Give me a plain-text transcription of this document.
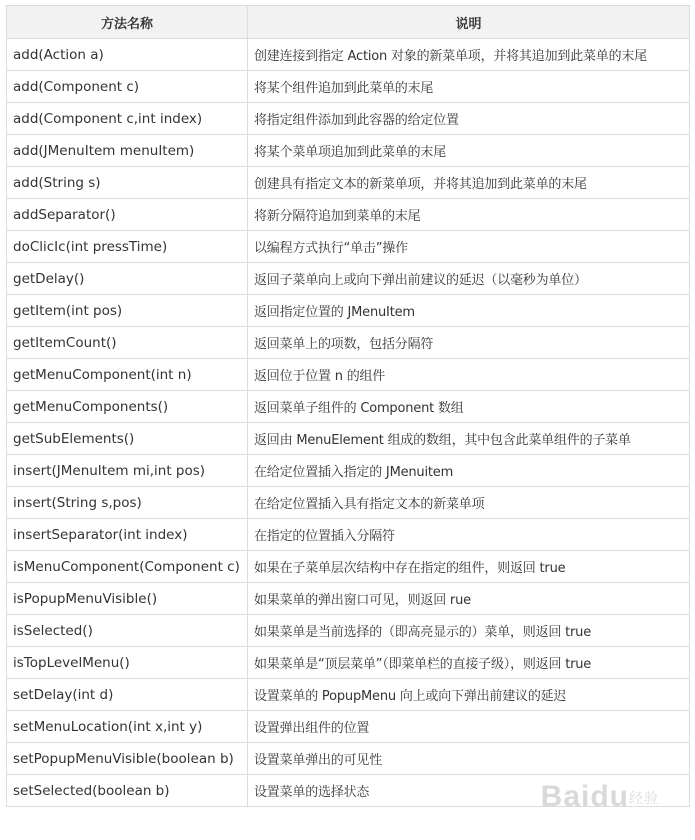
方法名称	说明
add(Action a)	创建连接到指定 Action 对象的新菜单项，并将其追加到此菜单的末尾
add(Component c)	将某个组件追加到此菜单的末尾
add(Component c,int index)	将指定组件添加到此容器的给定位置
add(JMenuItem menuItem)	将某个菜单项追加到此菜单的末尾
add(String s)	创建具有指定文本的新菜单项，并将其追加到此菜单的末尾
addSeparator()	将新分隔符追加到菜单的末尾
doClicIc(int pressTime)	以编程方式执行“单击”操作
getDelay()	返回子菜单向上或向下弹出前建议的延迟（以毫秒为单位）
getItem(int pos)	返回指定位置的 JMenuItem
getItemCount()	返回菜单上的项数，包括分隔符
getMenuComponent(int n)	返回位于位置 n 的组件
getMenuComponents()	返回菜单子组件的 Component 数组
getSubElements()	返回由 MenuElement 组成的数组，其中包含此菜单组件的子菜单
insert(JMenuItem mi,int pos)	在给定位置插入指定的 JMenuitem
insert(String s,pos)	在给定位置插入具有指定文本的新菜单项
insertSeparator(int index)	在指定的位置插入分隔符
isMenuComponent(Component c)	如果在子菜单层次结构中存在指定的组件，则返回 true
isPopupMenuVisible()	如果菜单的弹出窗口可见，则返回 rue
isSelected()	如果菜单是当前选择的（即高亮显示的）菜单，则返回 true
isTopLevelMenu()	如果菜单是“顶层菜单”（即菜单栏的直接子级），则返回 true
setDelay(int d)	设置菜单的 PopupMenu 向上或向下弹出前建议的延迟
setMenuLocation(int x,int y)	设置弹出组件的位置
setPopupMenuVisible(boolean b)	设置菜单弹出的可见性
setSelected(boolean b)	设置菜单的选择状态	Baidu经验
